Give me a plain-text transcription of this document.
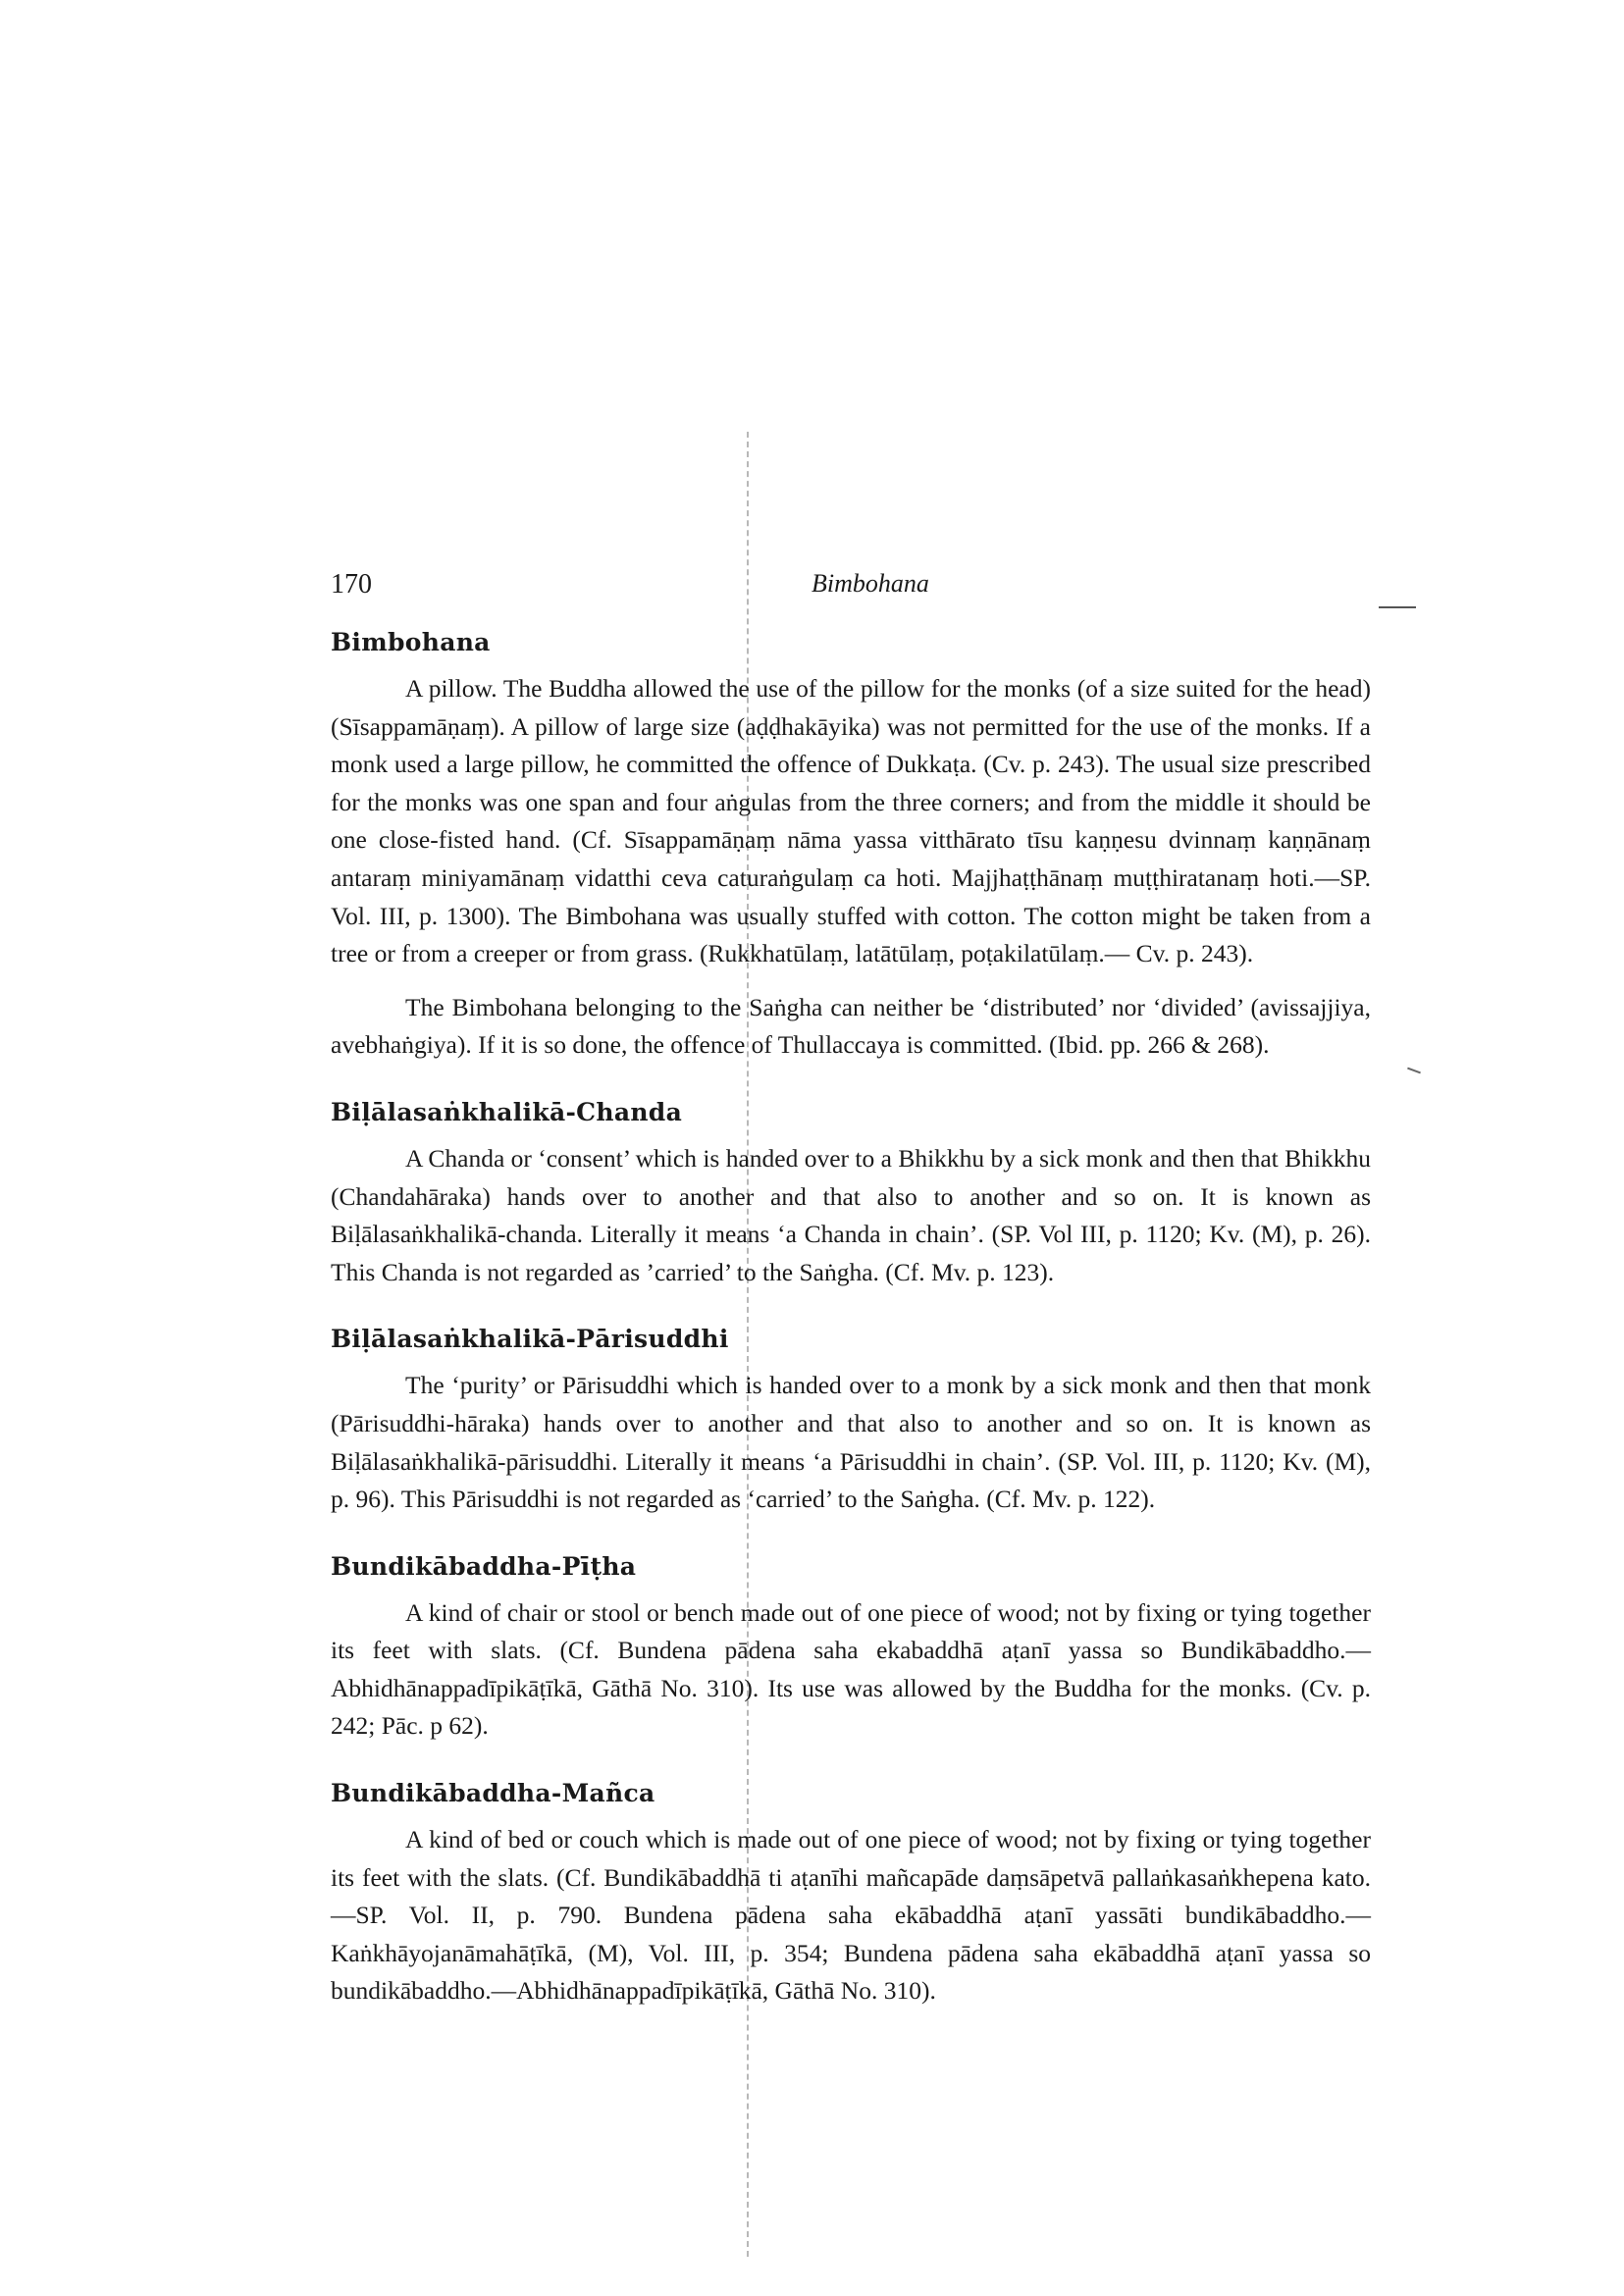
170	Bimbohana
Bimbohana

A pillow. The Buddha allowed the use of the pillow for the monks (of a size suited for the head) (Sīsappamāṇaṃ). A pillow of large size (aḍḍhakāyika) was not permitted for the use of the monks. If a monk used a large pillow, he committed the offence of Dukkaṭa. (Cv. p. 243). The usual size prescribed for the monks was one span and four aṅgulas from the three corners; and from the middle it should be one close-fisted hand. (Cf. Sīsappamāṇaṃ nāma yassa vitthārato tīsu kaṇṇesu dvinnaṃ kaṇṇānaṃ antaraṃ miniyamānaṃ vidatthi ceva caturaṅgulaṃ ca hoti. Majjhaṭṭhānaṃ muṭṭhiratanaṃ hoti.—SP. Vol. III, p. 1300). The Bimbohana was usually stuffed with cotton. The cotton might be taken from a tree or from a creeper or from grass. (Rukkhatūlaṃ, latātūlaṃ, poṭakilatūlaṃ.— Cv. p. 243).

The Bimbohana belonging to the Saṅgha can neither be ‘distributed’ nor ‘divided’ (avissajjiya, avebhaṅgiya). If it is so done, the offence of Thullaccaya is committed. (Ibid. pp. 266 & 268).

Biḷālasaṅkhalikā-Chanda

A Chanda or ‘consent’ which is handed over to a Bhikkhu by a sick monk and then that Bhikkhu (Chandahāraka) hands over to another and that also to another and so on. It is known as Biḷālasaṅkhalikā-chanda. Literally it means ‘a Chanda in chain’. (SP. Vol III, p. 1120; Kv. (M), p. 26). This Chanda is not regarded as ’carried’ to the Saṅgha. (Cf. Mv. p. 123).

Biḷālasaṅkhalikā-Pārisuddhi

The ‘purity’ or Pārisuddhi which is handed over to a monk by a sick monk and then that monk (Pārisuddhi-hāraka) hands over to another and that also to another and so on. It is known as Biḷālasaṅkhalikā-pārisuddhi. Literally it means ‘a Pārisuddhi in chain’. (SP. Vol. III, p. 1120; Kv. (M), p. 96). This Pārisuddhi is not regarded as ‘carried’ to the Saṅgha. (Cf. Mv. p. 122).

Bundikābaddha-Pīṭha

A kind of chair or stool or bench made out of one piece of wood; not by fixing or tying together its feet with slats. (Cf. Bundena pādena saha ekabaddhā aṭanī yassa so Bundikābaddho.—Abhidhānappadīpikāṭīkā, Gāthā No. 310). Its use was allowed by the Buddha for the monks. (Cv. p. 242; Pāc. p 62).

Bundikābaddha-Mañca

A kind of bed or couch which is made out of one piece of wood; not by fixing or tying together its feet with the slats. (Cf. Bundikābaddhā ti aṭanīhi mañcapāde daṃsāpetvā pallaṅkasaṅkhepena kato.—SP. Vol. II, p. 790. Bundena pādena saha ekābaddhā aṭanī yassāti bundikābaddho.—Kaṅkhāyojanāmahāṭīkā, (M), Vol. III, p. 354; Bundena pādena saha ekābaddhā aṭanī yassa so bundikābaddho.—Abhidhānappadīpikāṭīkā, Gāthā No. 310).
